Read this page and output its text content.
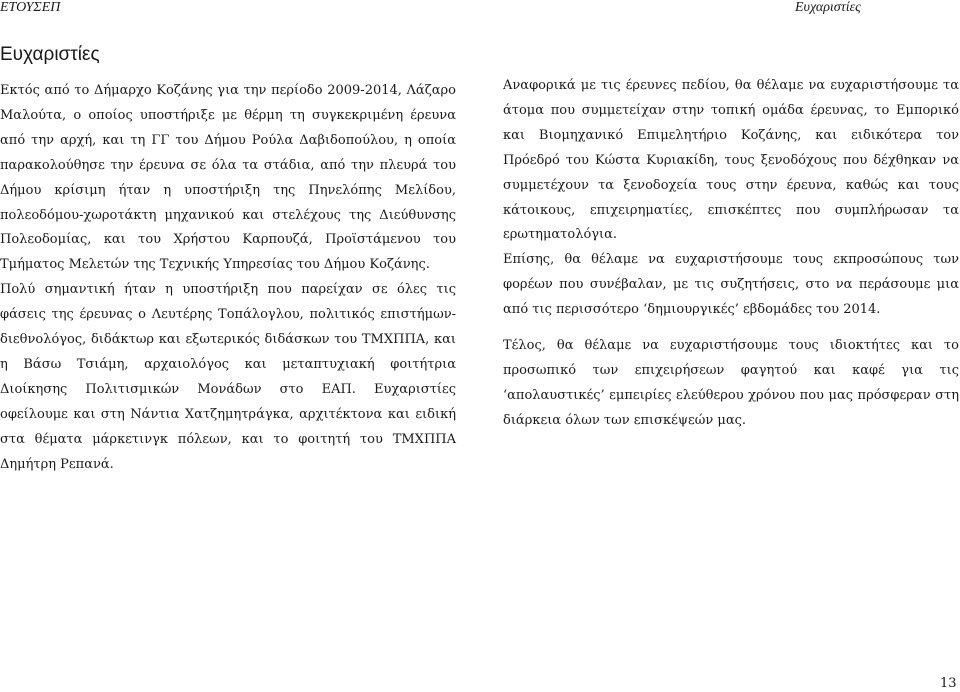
ΕΤΟΥΣΕΠ	Ευχαριστίες
Ευχαριστίες

Εκτός από το Δήμαρχο Κοζάνης για την περίοδο 2009-2014, Λάζαρο Μαλούτα, ο οποίος υποστήριξε με θέρμη τη συγκεκριμένη έρευνα από την αρχή, και τη ΓΓ του Δήμου Ρούλα Δαβιδοπούλου, η οποία παρακολούθησε την έρευνα σε όλα τα στάδια, από την πλευρά του Δήμου κρίσιμη ήταν η υποστήριξη της Πηνελόπης Μελίδου, πολεοδόμου-χωροτάκτη μηχανικού και στελέχους της Διεύθυνσης Πολεοδομίας, και του Χρήστου Καρπουζά, Προϊστάμενου του Τμήματος Μελετών της Τεχνικής Υπηρεσίας του Δήμου Κοζάνης.

Πολύ σημαντική ήταν η υποστήριξη που παρείχαν σε όλες τις φάσεις της έρευνας ο Λευτέρης Τοπάλογλου, πολιτικός επιστήμων-διεθνολόγος, διδάκτωρ και εξωτερικός διδάσκων του ΤΜΧΠΠΑ, και η Βάσω Τσιάμη, αρχαιολόγος και μεταπτυχιακή φοιτήτρια Διοίκησης Πολιτισμικών Μονάδων στο ΕΑΠ. Ευχαριστίες οφείλουμε και στη Νάντια Χατζημητράγκα, αρχιτέκτονα και ειδική στα θέματα μάρκετινγκ πόλεων, και το φοιτητή του ΤΜΧΠΠΑ Δημήτρη Ρεπανά.

Αναφορικά με τις έρευνες πεδίου, θα θέλαμε να ευχαριστήσουμε τα άτομα που συμμετείχαν στην τοπική ομάδα έρευνας, το Εμπορικό και Βιομηχανικό Επιμελητήριο Κοζάνης, και ειδικότερα τον Πρόεδρό του Κώστα Κυριακίδη, τους ξενοδόχους που δέχθηκαν να συμμετέχουν τα ξενοδοχεία τους στην έρευνα, καθώς και τους κάτοικους, επιχειρηματίες, επισκέπτες που συμπλήρωσαν τα ερωτηματολόγια.

Επίσης, θα θέλαμε να ευχαριστήσουμε τους εκπροσώπους των φορέων που συνέβαλαν, με τις συζητήσεις, στο να περάσουμε μια από τις περισσότερο ‘δημιουργικές’ εβδομάδες του 2014.

Τέλος, θα θέλαμε να ευχαριστήσουμε τους ιδιοκτήτες και το προσωπικό των επιχειρήσεων φαγητού και καφέ για τις ‘απολαυστικές’ εμπειρίες ελεύθερου χρόνου που μας πρόσφεραν στη διάρκεια όλων των επισκέψεών μας.

13
